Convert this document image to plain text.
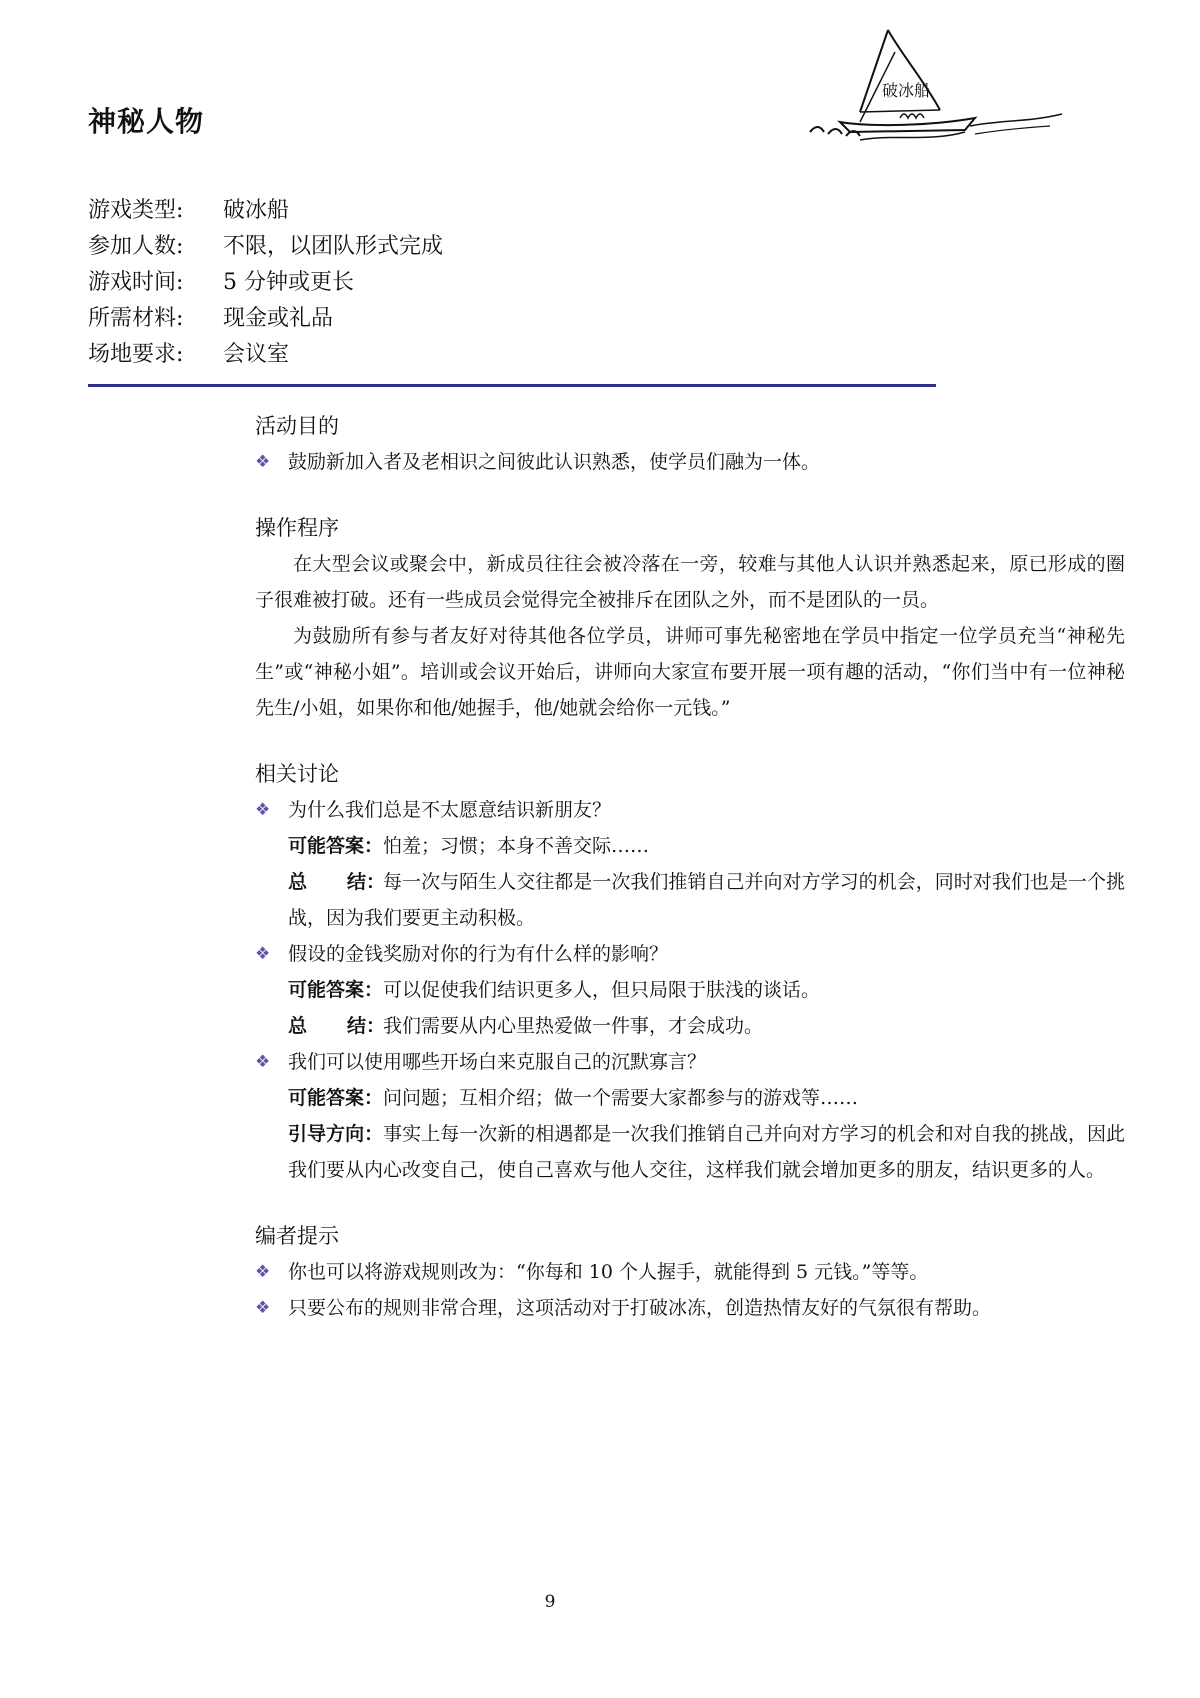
神秘人物
破冰船
游戏类型:	破冰船
参加人数:	不限，以团队形式完成
游戏时间:	5 分钟或更长
所需材料:	现金或礼品
场地要求:	会议室
活动目的
❖ 鼓励新加入者及老相识之间彼此认识熟悉，使学员们融为一体。
操作程序
在大型会议或聚会中，新成员往往会被冷落在一旁，较难与其他人认识并熟悉起来，原已形成的圈子很难被打破。还有一些成员会觉得完全被排斥在团队之外，而不是团队的一员。
为鼓励所有参与者友好对待其他各位学员，讲师可事先秘密地在学员中指定一位学员充当“神秘先生”或“神秘小姐”。培训或会议开始后，讲师向大家宣布要开展一项有趣的活动，“你们当中有一位神秘先生/小姐，如果你和他/她握手，他/她就会给你一元钱。”
相关讨论
❖ 为什么我们总是不太愿意结识新朋友？
可能答案：怕羞；习惯；本身不善交际……
总 结：每一次与陌生人交往都是一次我们推销自己并向对方学习的机会，同时对我们也是一个挑战，因为我们要更主动积极。
❖ 假设的金钱奖励对你的行为有什么样的影响？
可能答案：可以促使我们结识更多人，但只局限于肤浅的谈话。
总 结：我们需要从内心里热爱做一件事，才会成功。
❖ 我们可以使用哪些开场白来克服自己的沉默寡言？
可能答案：问问题；互相介绍；做一个需要大家都参与的游戏等……
引导方向：事实上每一次新的相遇都是一次我们推销自己并向对方学习的机会和对自我的挑战，因此我们要从内心改变自己，使自己喜欢与他人交往，这样我们就会增加更多的朋友，结识更多的人。
编者提示
❖ 你也可以将游戏规则改为：“你每和 10 个人握手，就能得到 5 元钱。”等等。
❖ 只要公布的规则非常合理，这项活动对于打破冰冻，创造热情友好的气氛很有帮助。
9
